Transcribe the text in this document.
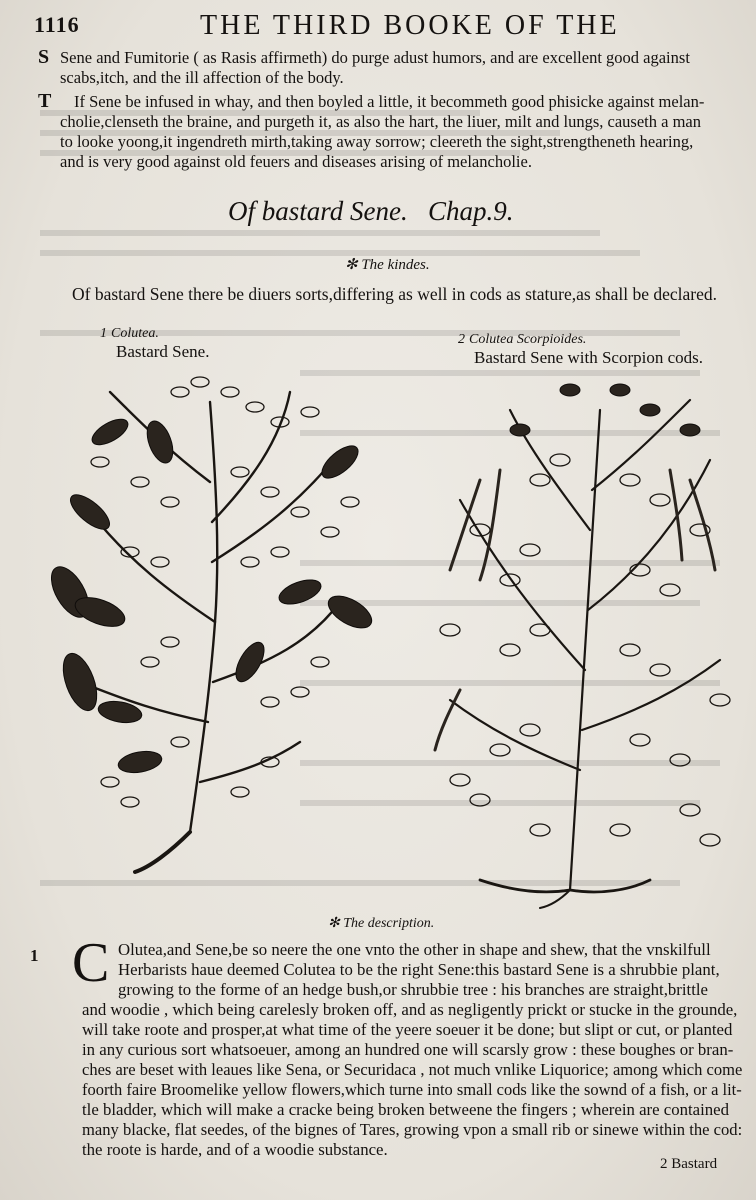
1116	THE THIRD BOOKE OF THE
S Sene and Fumitorie ( as Rasis affirmeth) do purge adust humors, and are excellent good against
scabs,itch, and the ill affection of the body.
T If Sene be infused in whay, and then boyled a little, it becommeth good phisicke against melan-
cholie,clenseth the braine, and purgeth it, as also the hart, the liuer, milt and lungs, causeth a man
to looke yoong,it ingendreth mirth,taking away sorrow; cleereth the sight,strengtheneth hearing,
and is very good against old feuers and diseases arising of melancholie.
Of bastard Sene. Chap.9.
✻ The kindes.
Of bastard Sene there be diuers sorts,differing as well in cods as stature,as shall be declared.
1 Colutea.
Bastard Sene.
2 Colutea Scorpioides.
Bastard Sene with Scorpion cods.
✻ The description.
1 C Olutea,and Sene,be so neere the one vnto the other in shape and shew, that the vnskilfull
Herbarists haue deemed Colutea to be the right Sene:this bastard Sene is a shrubbie plant,
growing to the forme of an hedge bush,or shrubbie tree : his branches are straight,brittle
and woodie , which being carelesly broken off, and as negligently prickt or stucke in the grounde,
will take roote and prosper,at what time of the yeere soeuer it be done; but slipt or cut, or planted
in any curious sort whatsoeuer, among an hundred one will scarsly grow : these boughes or bran-
ches are beset with leaues like Sena, or Securidaca , not much vnlike Liquorice; among which come
foorth faire Broomelike yellow flowers,which turne into small cods like the sownd of a fish, or a lit-
tle bladder, which will make a cracke being broken betweene the fingers ; wherein are contained
many blacke, flat seedes, of the bignes of Tares, growing vpon a small rib or sinewe within the cod:
the roote is harde, and of a woodie substance.
2 Bastard
